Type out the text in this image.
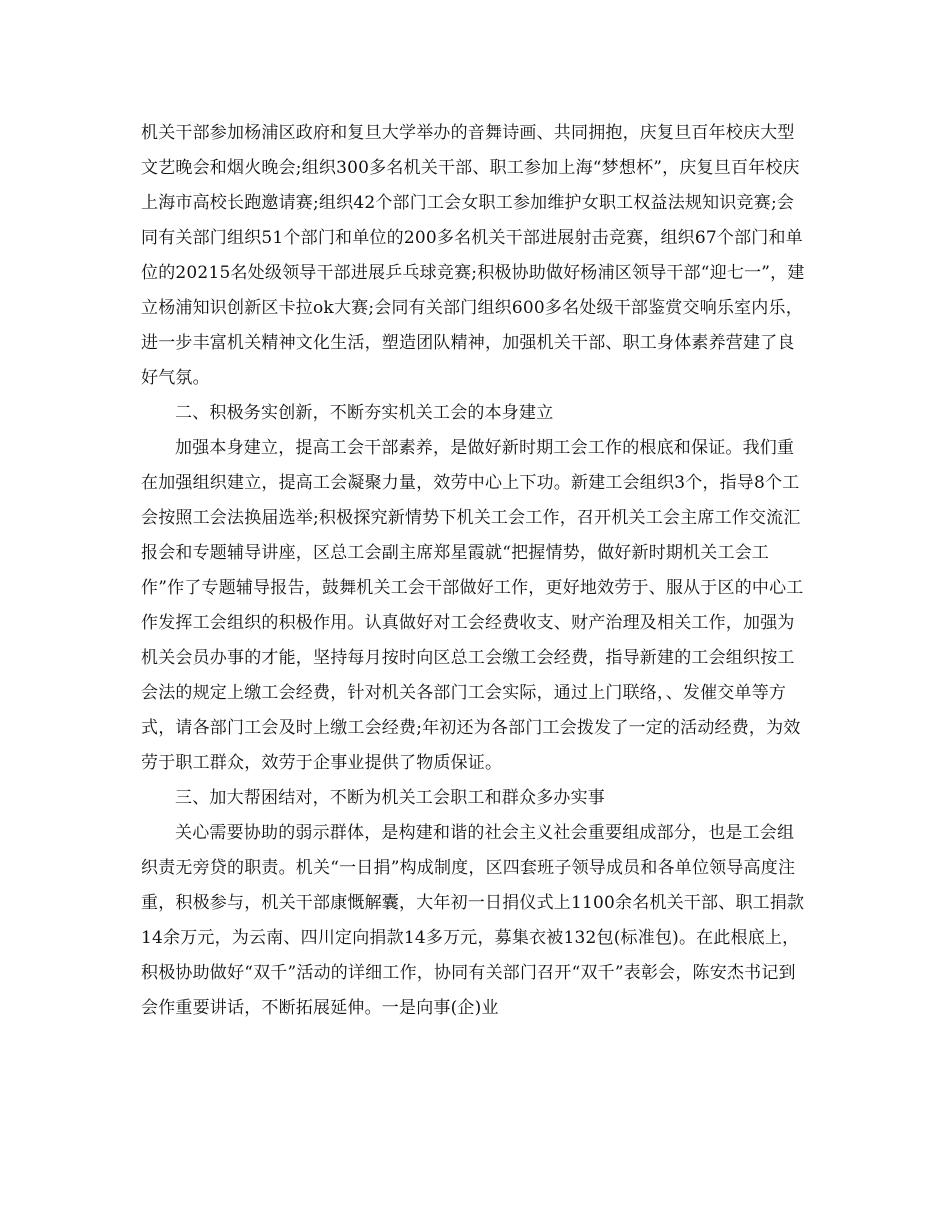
机关干部参加杨浦区政府和复旦大学举办的音舞诗画、共同拥抱，庆复旦百年校庆大型文艺晚会和烟火晚会;组织300多名机关干部、职工参加上海“梦想杯”，庆复旦百年校庆上海市高校长跑邀请赛;组织42个部门工会女职工参加维护女职工权益法规知识竞赛;会同有关部门组织51个部门和单位的200多名机关干部进展射击竞赛，组织67个部门和单位的20215名处级领导干部进展乒乓球竞赛;积极协助做好杨浦区领导干部“迎七一”，建立杨浦知识创新区卡拉ok大赛;会同有关部门组织600多名处级干部鉴赏交响乐室内乐，进一步丰富机关精神文化生活，塑造团队精神，加强机关干部、职工身体素养营建了良好气氛。

二、积极务实创新，不断夯实机关工会的本身建立

加强本身建立，提高工会干部素养，是做好新时期工会工作的根底和保证。我们重在加强组织建立，提高工会凝聚力量，效劳中心上下功。新建工会组织3个，指导8个工会按照工会法换届选举;积极探究新情势下机关工会工作，召开机关工会主席工作交流汇报会和专题辅导讲座，区总工会副主席郑星霞就“把握情势，做好新时期机关工会工作”作了专题辅导报告，鼓舞机关工会干部做好工作，更好地效劳于、服从于区的中心工作发挥工会组织的积极作用。认真做好对工会经费收支、财产治理及相关工作，加强为机关会员办事的才能，坚持每月按时向区总工会缴工会经费，指导新建的工会组织按工会法的规定上缴工会经费，针对机关各部门工会实际，通过上门联络，、发催交单等方式，请各部门工会及时上缴工会经费;年初还为各部门工会拨发了一定的活动经费，为效劳于职工群众，效劳于企事业提供了物质保证。

三、加大帮困结对，不断为机关工会职工和群众多办实事

关心需要协助的弱示群体，是构建和谐的社会主义社会重要组成部分，也是工会组织责无旁贷的职责。机关“一日捐”构成制度，区四套班子领导成员和各单位领导高度注重，积极参与，机关干部康慨解囊，大年初一日捐仪式上1100余名机关干部、职工捐款14余万元，为云南、四川定向捐款14多万元，募集衣被132包(标准包)。在此根底上，积极协助做好“双千”活动的详细工作，协同有关部门召开“双千”表彰会，陈安杰书记到会作重要讲话，不断拓展延伸。一是向事(企)业
